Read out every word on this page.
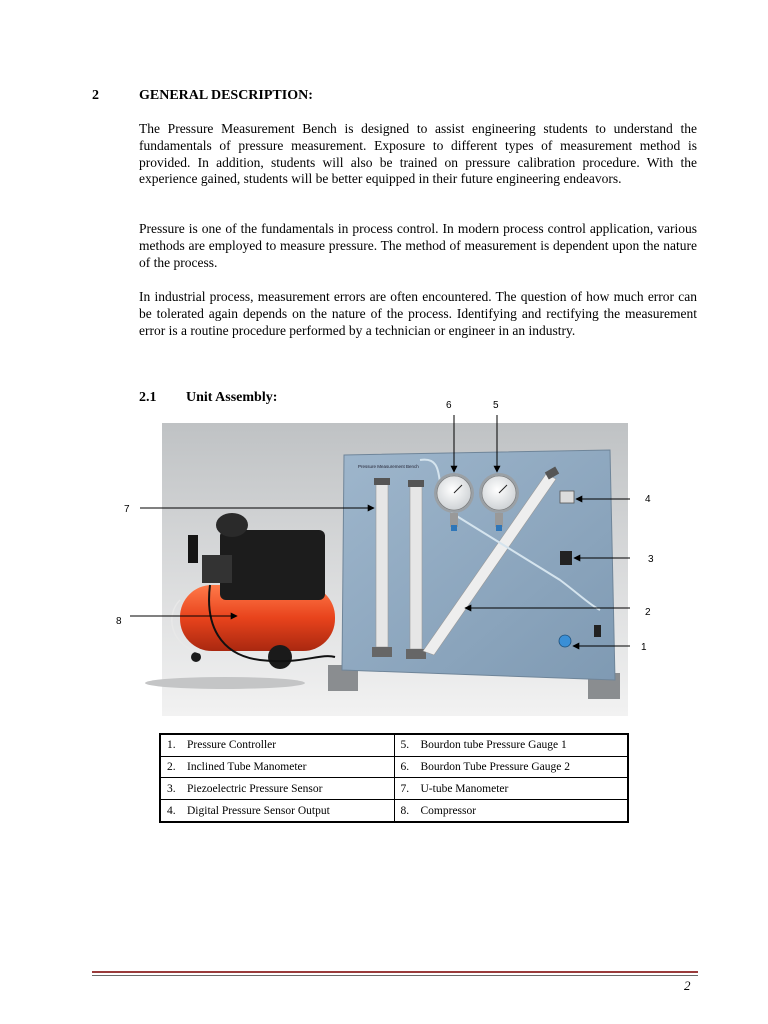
2	GENERAL DESCRIPTION:

The Pressure Measurement Bench is designed to assist engineering students to understand the fundamentals of pressure measurement. Exposure to different types of measurement method is provided. In addition, students will also be trained on pressure calibration procedure. With the experience gained, students will be better equipped in their future engineering endeavors.

Pressure is one of the fundamentals in process control. In modern process control application, various methods are employed to measure pressure. The method of measurement is dependent upon the nature of the process.

In industrial process, measurement errors are often encountered. The question of how much error can be tolerated again depends on the nature of the process. Identifying and rectifying the measurement error is a routine procedure performed by a technician or engineer in an industry.

2.1 Unit Assembly:
Pressure Measurement Bench
6	5
4
3
2
1
7
8
1. Pressure Controller	5. Bourdon tube Pressure Gauge 1
2. Inclined Tube Manometer	6. Bourdon Tube Pressure Gauge 2
3. Piezoelectric Pressure Sensor	7. U-tube Manometer
4. Digital Pressure Sensor Output	8. Compressor
2
